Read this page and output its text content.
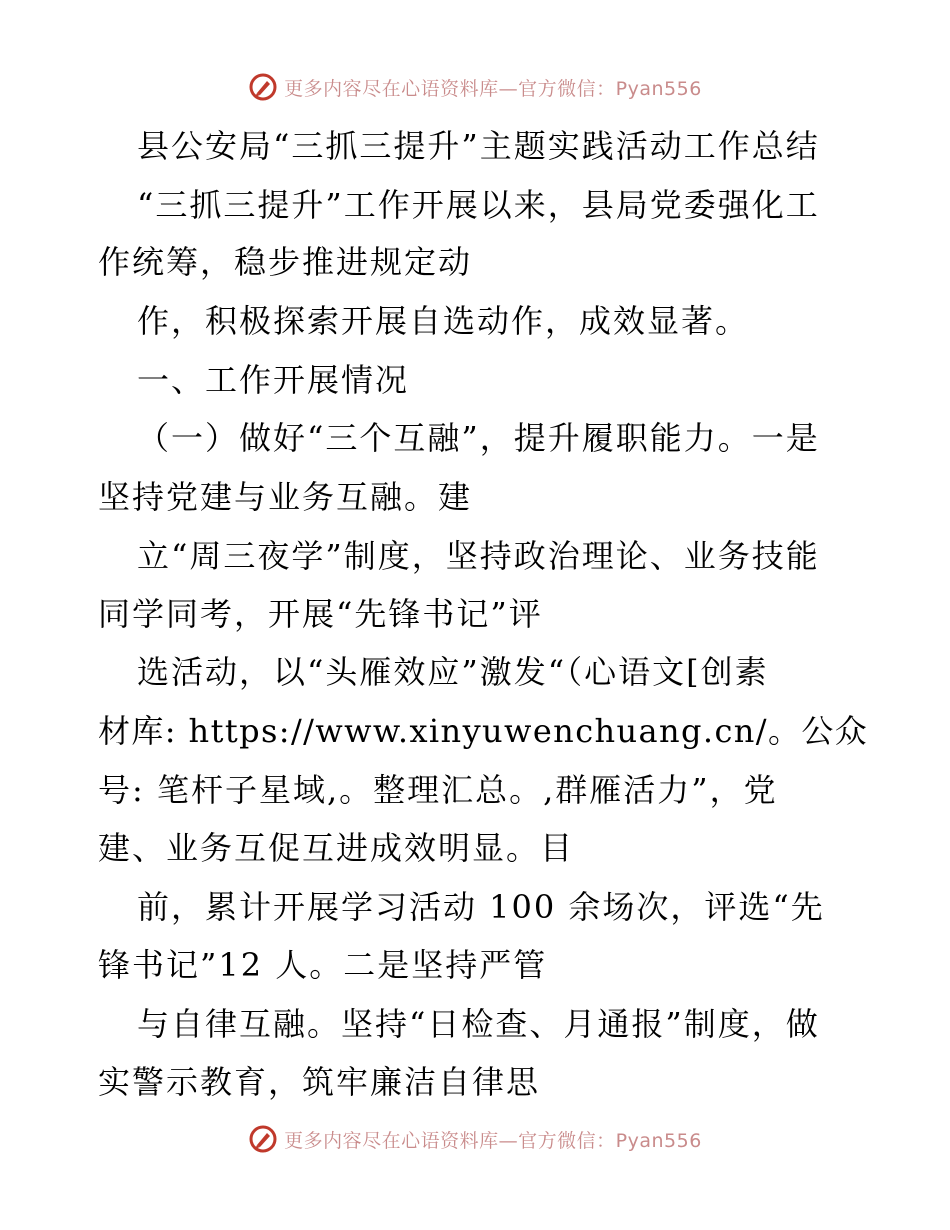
更多内容尽在心语资料库—官方微信：Pyan556
县公安局“三抓三提升”主题实践活动工作总结
“三抓三提升”工作开展以来，县局党委强化工
作统筹，稳步推进规定动
作，积极探索开展自选动作，成效显著。
一、工作开展情况
（一）做好“三个互融”，提升履职能力。一是
坚持党建与业务互融。建
立“周三夜学”制度，坚持政治理论、业务技能
同学同考，开展“先锋书记”评
选活动，以“头雁效应”激发“（心语文[创素
材库: https://www.xinyuwenchuang.cn/。公众
号: 笔杆子星域,。整理汇总。,群雁活力”，党
建、业务互促互进成效明显。目
前，累计开展学习活动 100 余场次，评选“先
锋书记”12 人。二是坚持严管
与自律互融。坚持“日检查、月通报”制度，做
实警示教育，筑牢廉洁自律思
更多内容尽在心语资料库—官方微信：Pyan556
